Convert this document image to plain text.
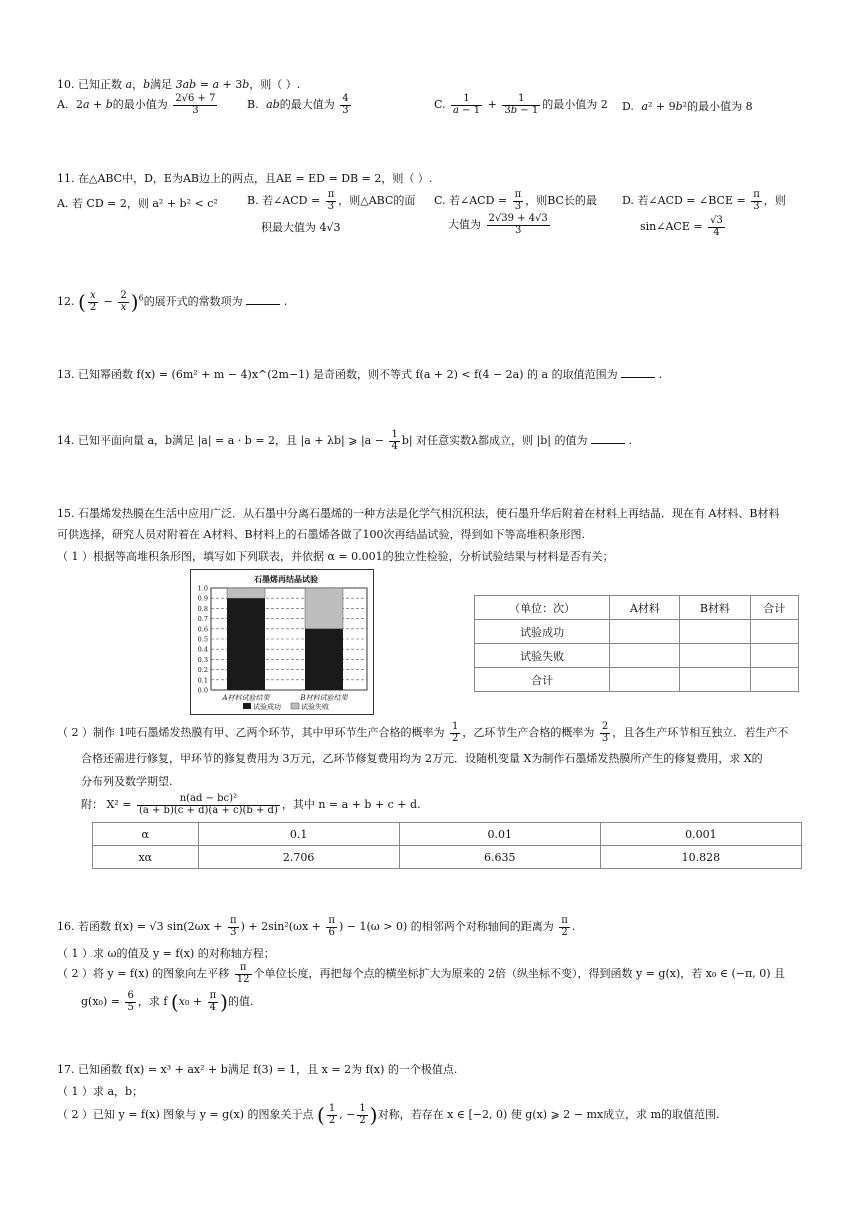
10. 已知正数 a，b满足 3ab = a + 3b，则（ ）.
A. 2a + b的最小值为 $\frac{2√6 + 7}{3}$	B. ab的最大值为 $\frac{4}{3}$	C. $\frac{1}{a - 1} + \frac{1}{3b - 1}$ 的最小值为 2 D. a² + 9b²的最小值为 8
11. 在△ABC中，D，E为AB边上的两点，且AE = ED = DB = 2，则（ ）.
A. 若 CD = 2，则 a² + b² < c²	B. 若∠ACD = $\frac{\pi}{3}$ ，则△ABC的面
积最大值为 4√3
C. 若∠ACD = $\frac{\pi}{3}$ ，则BC长的最
大值为 $\frac{2√39 + 4√3}{3}$
D. 若∠ACD = ∠BCE = $\frac{\pi}{3}$ ，则
sin∠ACE = $\frac{√3}{4}$
12. ( $\frac{x}{2} - \frac{2}{x} )^6$的展开式的常数项为	.
13. 已知幂函数 f(x) = (6m² + m − 4)x^(2m−1) 是奇函数，则不等式 f(a + 2) < f(4 − 2a) 的 a 的取值范围为	.
14. 已知平面向量 a，b满足 |a| = a · b = 2，且 |a + λb| ⩾ $|a - \frac{1}{4} b|$ 对任意实数λ都成立，则 |b| 的值为	.
15. 石墨烯发热膜在生活中应用广泛．从石墨中分离石墨烯的一种方法是化学气相沉积法，使石墨升华后附着在材料上再结晶．现在有 A材料、B材料
可供选择，研究人员对附着在 A材料、B材料上的石墨烯各做了100次再结晶试验，得到如下等高堆积条形图.
（ 1 ）根据等高堆积条形图，填写如下列联表，并依据 α = 0.001的独立性检验，分析试验结果与材料是否有关；
石墨烯再结晶试验
0.0
0.1
0.2
0.3
0.4
0.5
0.6
0.7
0.8
0.9
1.0
A材料试验结果	B材料试验结果
试验成功	试验失败
（单位：次）	A材料	B材料	合计
试验成功			
试验失败			
合计			
（ 2 ）制作 1吨石墨烯发热膜有甲、乙两个环节，其中甲环节生产合格的概率为 $\frac{1}{2}$ ，乙环节生产合格的概率为 $\frac{2}{3}$ ，且各生产环节相互独立．若生产不
合格还需进行修复，甲环节的修复费用为 3万元，乙环节修复费用均为 2万元．设随机变量 X为制作石墨烯发热膜所产生的修复费用，求 X的
分布列及数学期望.
附： $X^2 = \frac{\text{n(ad − bc)²}}{(a + b)(c + d)(a + c)(b + d)}$ ，其中 n = a + b + c + d.
α	0.1	0.01	0.001
xα	2.706	6.635	10.828
16. 若函数 f(x) = √3 $\sin(2\omega x + \frac{\pi}{3}$ ) + $2\sin^2(\omega x + \frac{\pi}{6}$ ) − 1(ω > 0) 的相邻两个对称轴间的距离为 $\frac{\pi}{2}$ .
（ 1 ）求 ω的值及 y = f(x) 的对称轴方程；
（ 2 ）将 y = f(x) 的图象向左平移 $\frac{\pi}{12}$ 个单位长度，再把每个点的横坐标扩大为原来的 2倍（纵坐标不变），得到函数 y = g(x)，若 x₀ ∈ (−π, 0) 且
$g(x_0) = \frac{6}{5}$ ，求 f ($x_0 + \frac{\pi}{4}$ )的值.
17. 已知函数 f(x) = x³ + ax² + b满足 f(3) = 1，且 x = 2为 f(x) 的一个极值点.
（ 1 ）求 a，b；
（ 2 ）已知 y = f(x) 图象与 y = g(x) 的图象关于点 ( $\frac{1}{2}$ , − $\frac{1}{2}$ )对称，若存在 x ∈ [−2, 0) 使 g(x) ⩾ 2 − mx成立，求 m的取值范围.
